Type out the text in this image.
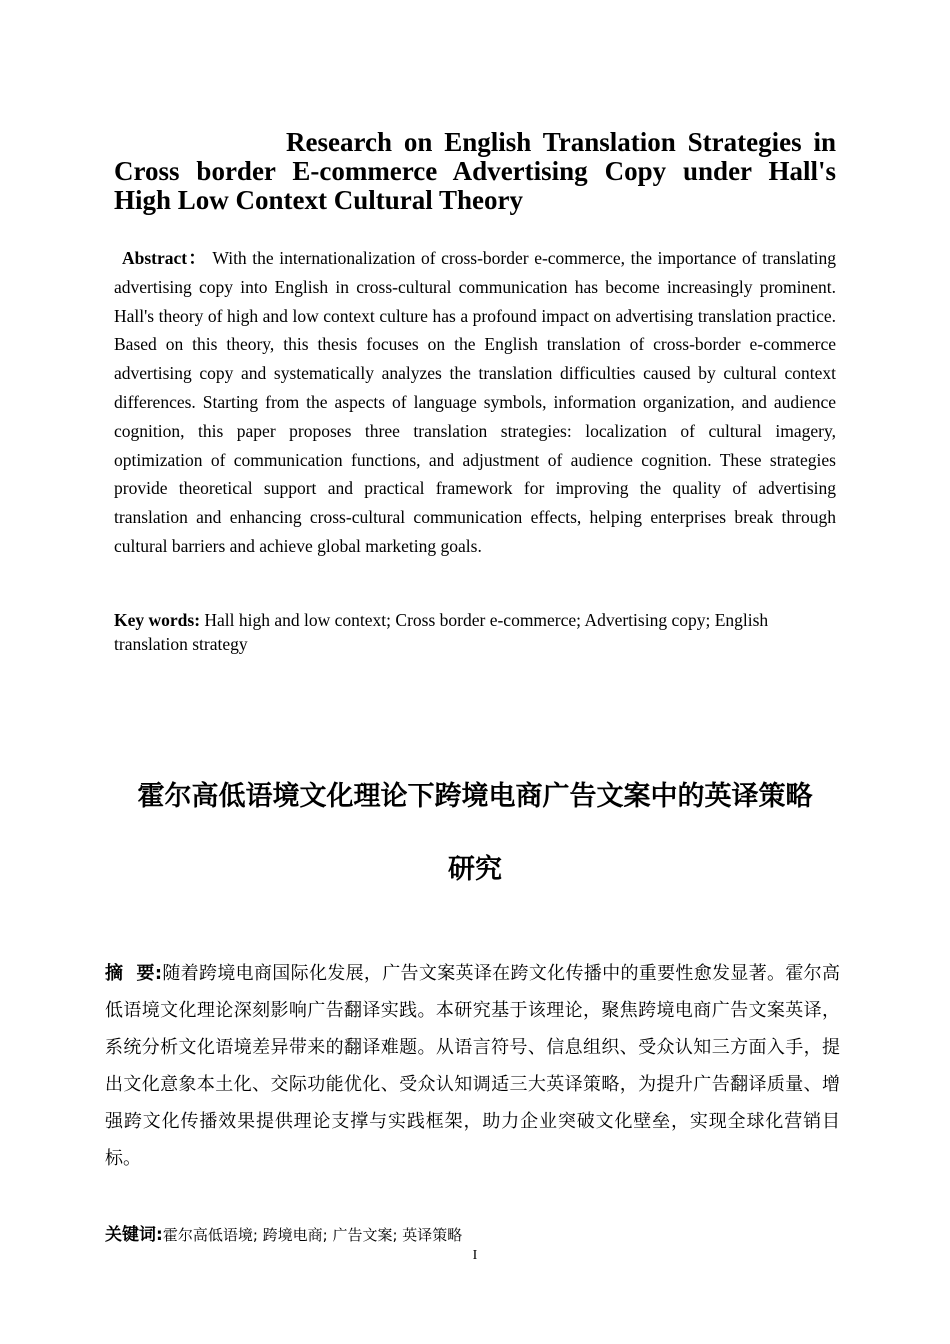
Research on English Translation Strategies in Cross border E-commerce Advertising Copy under Hall's High Low Context Cultural Theory

Abstract： With the internationalization of cross-border e-commerce, the importance of translating advertising copy into English in cross-cultural communication has become increasingly prominent. Hall's theory of high and low context culture has a profound impact on advertising translation practice. Based on this theory, this thesis focuses on the English translation of cross-border e-commerce advertising copy and systematically analyzes the translation difficulties caused by cultural context differences. Starting from the aspects of language symbols, information organization, and audience cognition, this paper proposes three translation strategies: localization of cultural imagery, optimization of communication functions, and adjustment of audience cognition. These strategies provide theoretical support and practical framework for improving the quality of advertising translation and enhancing cross-cultural communication effects, helping enterprises break through cultural barriers and achieve global marketing goals.

Key words: Hall high and low context; Cross border e-commerce; Advertising copy; English translation strategy

霍尔高低语境文化理论下跨境电商广告文案中的英译策略
研究

摘  要:随着跨境电商国际化发展，广告文案英译在跨文化传播中的重要性愈发显著。霍尔高低语境文化理论深刻影响广告翻译实践。本研究基于该理论，聚焦跨境电商广告文案英译，系统分析文化语境差异带来的翻译难题。从语言符号、信息组织、受众认知三方面入手，提出文化意象本土化、交际功能优化、受众认知调适三大英译策略，为提升广告翻译质量、增强跨文化传播效果提供理论支撑与实践框架，助力企业突破文化壁垒，实现全球化营销目标。

关键词:霍尔高低语境; 跨境电商; 广告文案; 英译策略

I
